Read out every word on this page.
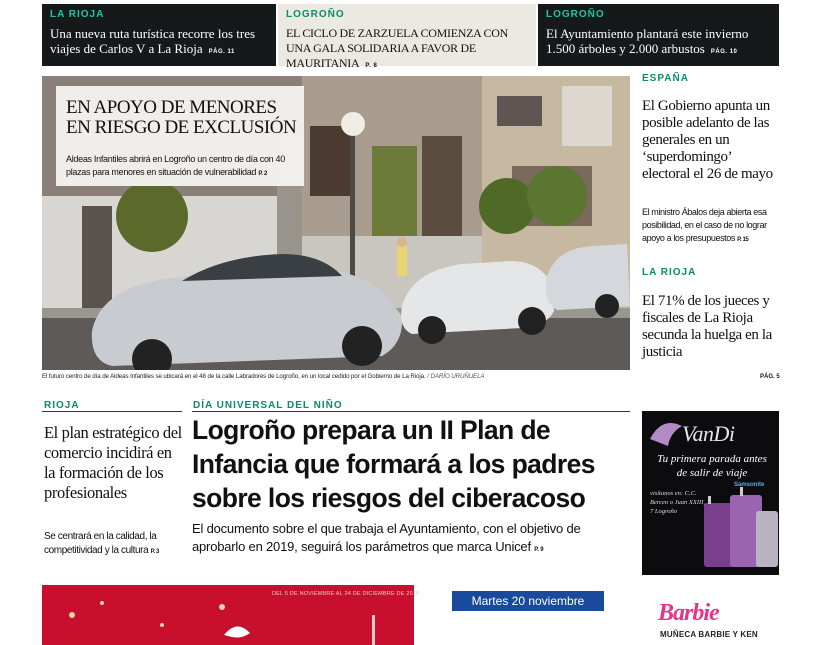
LA RIOJA
Una nueva ruta turística recorre los tres viajes de Carlos V a La Rioja PÁG. 11
LOGROÑO
EL CICLO DE ZARZUELA COMIENZA CON UNA GALA SOLIDARIA A FAVOR DE MAURITANIA P. 8
LOGROÑO
El Ayuntamiento plantará este invierno 1.500 árboles y 2.000 arbustos PÁG. 10
EN APOYO DE MENORES
EN RIESGO DE EXCLUSIÓN
Aldeas Infantiles abrirá en Logroño un centro de día con 40 plazas para menores en situación de vulnerabilidad P. 2
El futuro centro de día de Aldeas Infantiles se ubicará en el 48 de la calle Labradores de Logroño, en un local cedido por el Gobierno de La Rioja. / DARÍO URUÑUELA
ESPAÑA
El Gobierno apunta un posible adelanto de las generales en un ‘superdomingo’ electoral el 26 de mayo
El ministro Ábalos deja abierta esa posibilidad, en el caso de no lograr apoyo a los presupuestos P. 15
LA RIOJA
El 71% de los jueces y fiscales de La Rioja secunda la huelga en la justicia
PÁG. 5
RIOJA
El plan estratégico del comercio incidirá en la formación de los profesionales
Se centrará en la calidad, la competitividad y la cultura P. 3
DÍA UNIVERSAL DEL NIÑO
Logroño prepara un II Plan de Infancia que formará a los padres sobre los riesgos del ciberacoso
El documento sobre el que trabaja el Ayuntamiento, con el objetivo de aprobarlo en 2019, seguirá los parámetros que marca Unicef P. 9
VanDi
Tu primera parada antes de salir de viaje
Samsonite
visítanos en: C.C. Berceo o Juan XXIII, 7 Logroño
DEL 5 DE NOVIEMBRE AL 24 DE DICIEMBRE DE 2018	Martes 20 noviembre	Barbie
MUÑECA BARBIE Y KEN
